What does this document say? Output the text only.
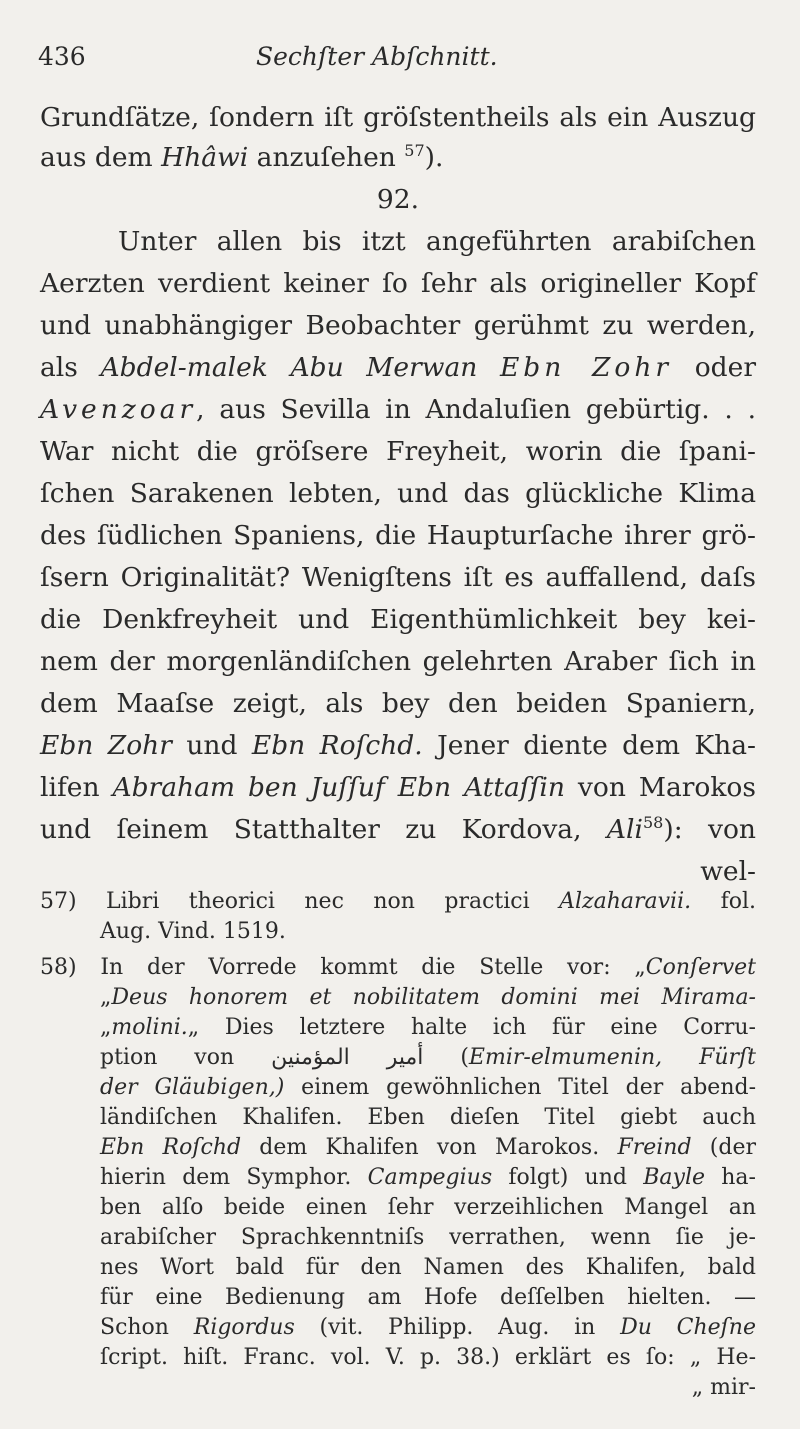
436	Sechſter Abſchnitt.
Grundſätze, ſondern iſt gröſstentheils als ein Auszug
aus dem Hhâwi anzuſehen $^{57}$).
92.
Unter allen bis itzt angeführten arabiſchen
Aerzten verdient keiner ſo ſehr als origineller Kopf
und unabhängiger Beobachter gerühmt zu werden,
als Abdel-malek Abu Merwan Ebn Zohr oder
Avenzoar, aus Sevilla in Andaluſien gebürtig. . .
War nicht die gröſsere Freyheit, worin die ſpani-
ſchen Sarakenen lebten, und das glückliche Klima
des ſüdlichen Spaniens, die Haupturſache ihrer grö-
ſsern Originalität? Wenigſtens iſt es auffallend, daſs
die Denkfreyheit und Eigenthümlichkeit bey kei-
nem der morgenländiſchen gelehrten Araber ſich in
dem Maaſse zeigt, als bey den beiden Spaniern,
Ebn Zohr und Ebn Roſchd. Jener diente dem Kha-
lifen Abraham ben Juſſuf Ebn Attaſſin von Marokos
und ſeinem Statthalter zu Kordova, Ali$^{58}$): von
wel-
57) Libri theorici nec non practici Alzaharavii. fol.
Aug. Vind. 1519.
58) In der Vorrede kommt die Stelle vor: „Conſervet
„Deus honorem et nobilitatem domini mei Mirama-
„molini.„ Dies letztere halte ich für eine Corru-
ption von أمير المؤمنين (Emir-elmumenin, Fürſt
der Gläubigen,) einem gewöhnlichen Titel der abend-
ländiſchen Khalifen. Eben dieſen Titel giebt auch
Ebn Roſchd dem Khalifen von Marokos. Freind (der
hierin dem Symphor. Campegius folgt) und Bayle ha-
ben alſo beide einen ſehr verzeihlichen Mangel an
arabiſcher Sprachkenntniſs verrathen, wenn ſie je-
nes Wort bald für den Namen des Khalifen, bald
für eine Bedienung am Hofe deſſelben hielten. —
Schon Rigordus (vit. Philipp. Aug. in Du Cheſne
ſcript. hiſt. Franc. vol. V. p. 38.) erklärt es ſo: „ He-
„ mir-
